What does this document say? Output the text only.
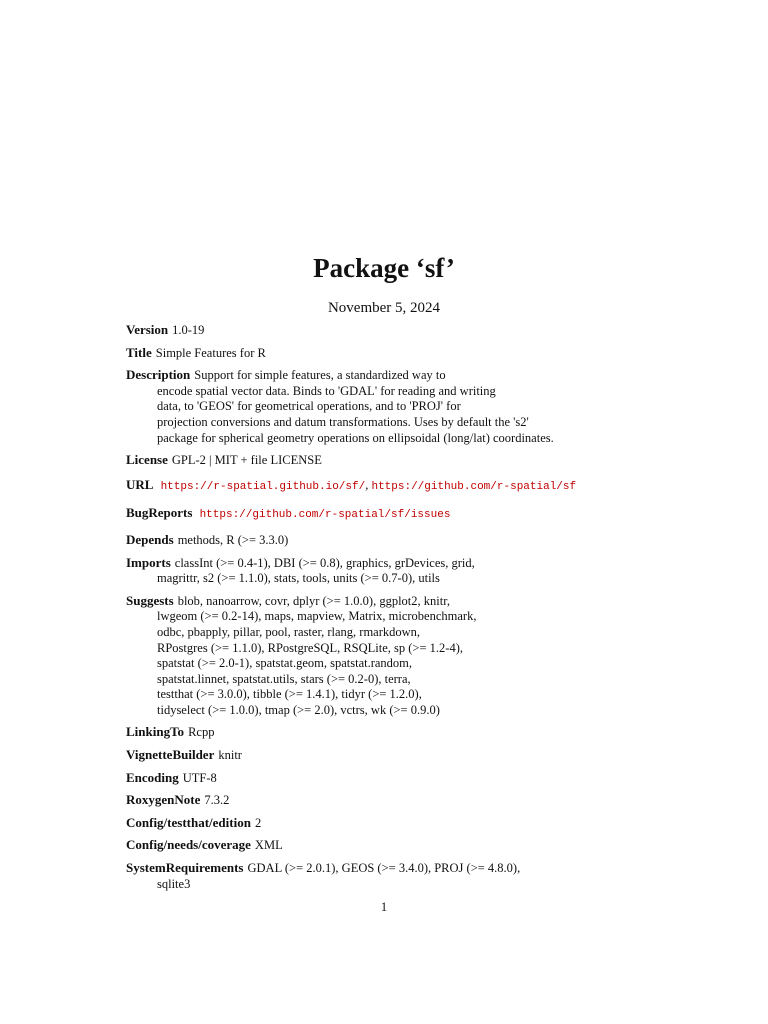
Package ‘sf’
November 5, 2024
Version 1.0-19
Title Simple Features for R
Description Support for simple features, a standardized way to
encode spatial vector data. Binds to 'GDAL' for reading and writing
data, to 'GEOS' for geometrical operations, and to 'PROJ' for
projection conversions and datum transformations. Uses by default the 's2'
package for spherical geometry operations on ellipsoidal (long/lat) coordinates.
License GPL-2 | MIT + file LICENSE
URL https://r-spatial.github.io/sf/, https://github.com/r-spatial/sf
BugReports https://github.com/r-spatial/sf/issues
Depends methods, R (>= 3.3.0)
Imports classInt (>= 0.4-1), DBI (>= 0.8), graphics, grDevices, grid,
magrittr, s2 (>= 1.1.0), stats, tools, units (>= 0.7-0), utils
Suggests blob, nanoarrow, covr, dplyr (>= 1.0.0), ggplot2, knitr,
lwgeom (>= 0.2-14), maps, mapview, Matrix, microbenchmark,
odbc, pbapply, pillar, pool, raster, rlang, rmarkdown,
RPostgres (>= 1.1.0), RPostgreSQL, RSQLite, sp (>= 1.2-4),
spatstat (>= 2.0-1), spatstat.geom, spatstat.random,
spatstat.linnet, spatstat.utils, stars (>= 0.2-0), terra,
testthat (>= 3.0.0), tibble (>= 1.4.1), tidyr (>= 1.2.0),
tidyselect (>= 1.0.0), tmap (>= 2.0), vctrs, wk (>= 0.9.0)
LinkingTo Rcpp
VignetteBuilder knitr
Encoding UTF-8
RoxygenNote 7.3.2
Config/testthat/edition 2
Config/needs/coverage XML
SystemRequirements GDAL (>= 2.0.1), GEOS (>= 3.4.0), PROJ (>= 4.8.0),
sqlite3
1
